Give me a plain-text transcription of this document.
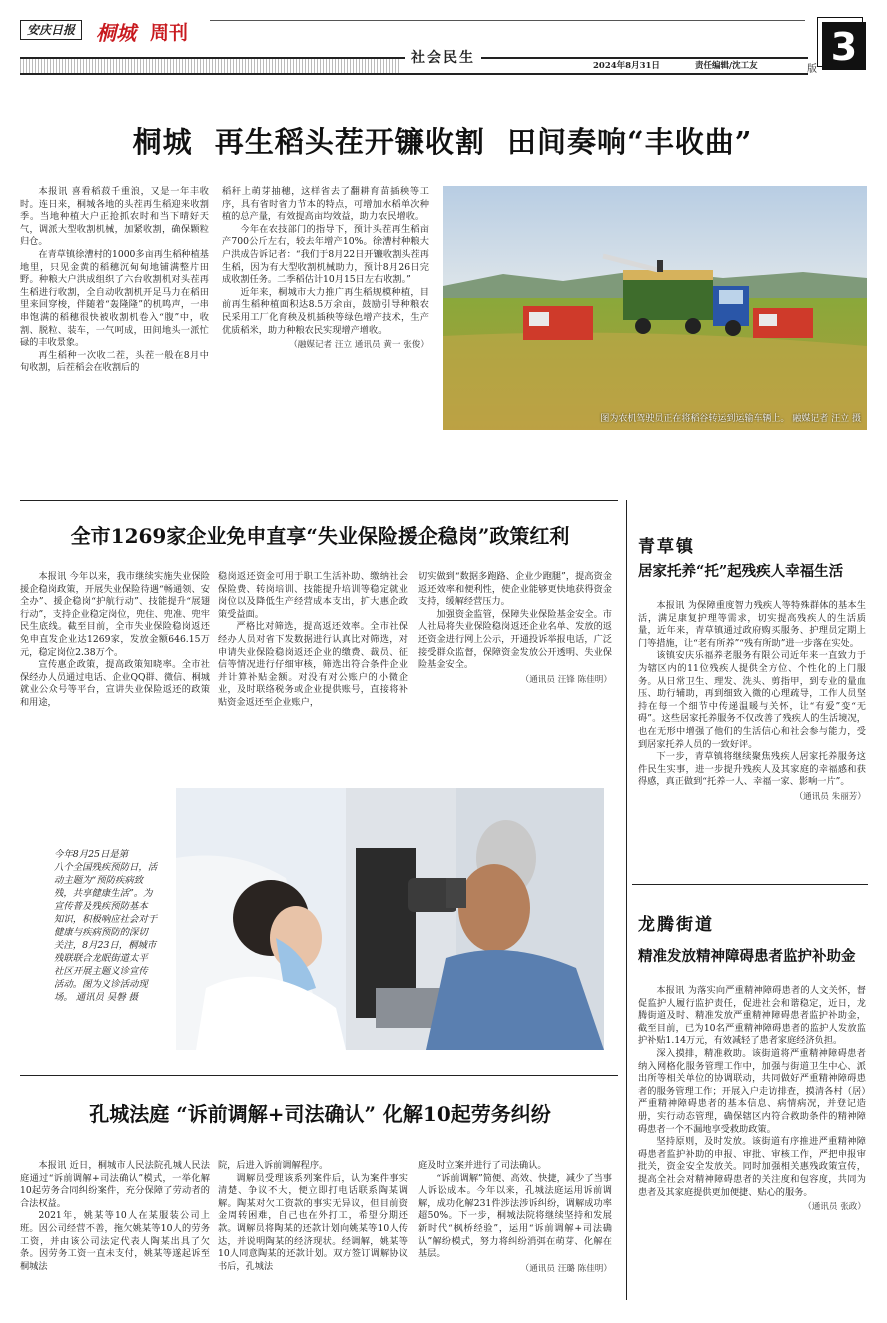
安庆日报	桐城 周刊
社会民生	2024年8月31日	责任编辑/沈工友	版
3
桐城  再生稻头茬开镰收割  田间奏响“丰收曲”

本报讯 喜看稻菽千重浪，又是一年丰收时。连日来，桐城各地的头茬再生稻迎来收割季。当地种植大户正抢抓农时和当下晴好天气，调派大型收割机械，加紧收割，确保颗粒归仓。

在青草镇徐漕村的1000多亩再生稻种植基地里，只见金黄的稻穗沉甸甸地铺满整片田野。种粮大户洪成组织了六台收割机对头茬再生稻进行收割，全自动收割机开足马力在稻田里来回穿梭，伴随着“轰隆隆”的机鸣声，一串串饱满的稻穗很快被收割机卷入“腹”中，收割、脱粒、装车，一气呵成，田间地头一派忙碌的丰收景象。

再生稻种一次收二茬，头茬一般在8月中旬收割，后茬稻会在收割后的

稻秆上萌芽抽穗，这样省去了翻耕育苗插秧等工序，具有省时省力节本的特点，可增加水稻单次种植的总产量，有效提高亩均效益，助力农民增收。

今年在农技部门的指导下，预计头茬再生稻亩产700公斤左右，较去年增产10%。徐漕村种粮大户洪成告诉记者：“我们于8月22日开镰收割头茬再生稻，因为有大型收割机械助力，预计8月26日完成收割任务。二季稻估计10月15日左右收割。”

近年来，桐城市大力推广再生稻规模种植，目前再生稻种植面积达8.5万余亩，鼓励引导种粮农民采用工厂化育秧及机插秧等绿色增产技术，生产优质稻米，助力种粮农民实现增产增收。

（融媒记者 汪立 通讯员 黄一 张俊）
图为农机驾驶员正在将稻谷转运到运输车辆上。 融媒记者 汪立 摄
全市1269家企业免申直享“失业保险援企稳岗”政策红利

本报讯 今年以来，我市继续实施失业保险援企稳岗政策，开展失业保险待遇“畅通领、安全办”、援企稳岗“护航行动”、技能提升“展翅行动”，支持企业稳定岗位，兜住、兜准、兜牢民生底线。截至目前，全市失业保险稳岗返还免申直发企业达1269家，发放金额646.15万元，稳定岗位2.38万个。

宣传惠企政策，提高政策知晓率。全市社保经办人员通过电话、企业QQ群、微信、桐城就业公众号等平台，宣讲失业保险返还的政策和用途，

稳岗返还资金可用于职工生活补助、缴纳社会保险费、转岗培训、技能提升培训等稳定就业岗位以及降低生产经营成本支出，扩大惠企政策受益面。

严格比对筛选，提高返还效率。全市社保经办人员对省下发数据进行认真比对筛选，对申请失业保险稳岗返还企业的缴费、裁员、征信等情况进行仔细审核，筛选出符合条件企业并计算补贴金额。对没有对公账户的小微企业，及时联络税务或企业提供账号，直接将补贴资金返还至企业账户，

切实做到“数据多跑路、企业少跑腿”，提高资金返还效率和便利性，使企业能够更快地获得资金支持，缓解经营压力。

加强资金监管，保障失业保险基金安全。市人社局将失业保险稳岗返还企业名单、发放的返还资金进行网上公示，开通投诉举报电话，广泛接受群众监督，保障资金发放公开透明、失业保险基金安全。

（通讯员 汪锋 陈佳明）
今年8月25日是第
八个全国残疾预防日，活
动主题为“预防疾病致
残，共享健康生活”。为
宣传普及残疾预防基本
知识，积极响应社会对于
健康与疾病预防的深切
关注，8月23日，桐城市
残联联合龙眠街道太平
社区开展主题义诊宣传
活动。图为义诊活动现
场。 通讯员 吴磐 摄
孔城法庭 “诉前调解+司法确认” 化解10起劳务纠纷

本报讯 近日，桐城市人民法院孔城人民法庭通过“诉前调解+司法确认”模式，一举化解10起劳务合同纠纷案件，充分保障了劳动者的合法权益。

2021年，姚某等10人在某服装公司上班。因公司经营不善，拖欠姚某等10人的劳务工资，并由该公司法定代表人陶某出具了欠条。因劳务工资一直未支付，姚某等遂起诉至桐城法

院，后进入诉前调解程序。

调解员受理该系列案件后，认为案件事实清楚、争议不大，便立即打电话联系陶某调解。陶某对欠工资款的事实无异议，但目前资金周转困难，自己也在外打工，希望分期还款。调解员将陶某的还款计划向姚某等10人传达，并说明陶某的经济现状。经调解，姚某等10人同意陶某的还款计划。双方签订调解协议书后，孔城法

庭及时立案并进行了司法确认。

“诉前调解”简便、高效、快捷，减少了当事人诉讼成本。今年以来，孔城法庭运用诉前调解，成功化解231件涉法涉诉纠纷，调解成功率超50%。下一步，桐城法院将继续坚持和发展新时代“枫桥经验”，运用“诉前调解+司法确认”解纷模式，努力将纠纷消弭在萌芽、化解在基层。

（通讯员 汪璐 陈佳明）
青草镇
居家托养“托”起残疾人幸福生活

本报讯 为保障重度智力残疾人等特殊群体的基本生活，满足康复护理等需求，切实提高残疾人的生活质量，近年来，青草镇通过政府购买服务、护理员定期上门等措施，让“老有所养”“残有所助”进一步落在实处。

该镇安庆乐福养老服务有限公司近年来一直致力于为辖区内的11位残疾人提供全方位、个性化的上门服务。从日常卫生、理发、洗头、剪指甲，到专业的量血压、助行辅助，再到细致入微的心理疏导，工作人员坚持在每一个细节中传递温暖与关怀，让“有爱”变“无碍”。这些居家托养服务不仅改善了残疾人的生活境况，也在无形中增强了他们的生活信心和社会参与能力，受到居家托养人员的一致好评。

下一步，青草镇将继续聚焦残疾人居家托养服务这件民生实事，进一步提升残疾人及其家庭的幸福感和获得感，真正做到“托养一人、幸福一家、影响一片”。

（通讯员 朱丽芳）
龙腾街道
精准发放精神障碍患者监护补助金

本报讯 为落实向严重精神障碍患者的人文关怀，督促监护人履行监护责任，促进社会和谐稳定，近日，龙腾街道及时、精准发放严重精神障碍患者监护补助金，截至目前，已为10名严重精神障碍患者的监护人发放监护补贴1.14万元，有效减轻了患者家庭经济负担。

深入摸排，精准救助。该街道将严重精神障碍患者纳入网格化服务管理工作中，加强与街道卫生中心、派出所等相关单位的协调联动，共同做好严重精神障碍患者的服务管理工作；开展入户走访排查，摸清各村（居）严重精神障碍患者的基本信息、病情病况，并登记造册，实行动态管理，确保辖区内符合救助条件的精神障碍患者一个不漏地享受救助政策。

坚持原则，及时发放。该街道有序推进严重精神障碍患者监护补助的申报、审批、审核工作，严把申报审批关，资金安全发放关。同时加强相关惠残政策宣传，提高全社会对精神障碍患者的关注度和包容度，共同为患者及其家庭提供更加便捷、贴心的服务。

（通讯员 张政）
